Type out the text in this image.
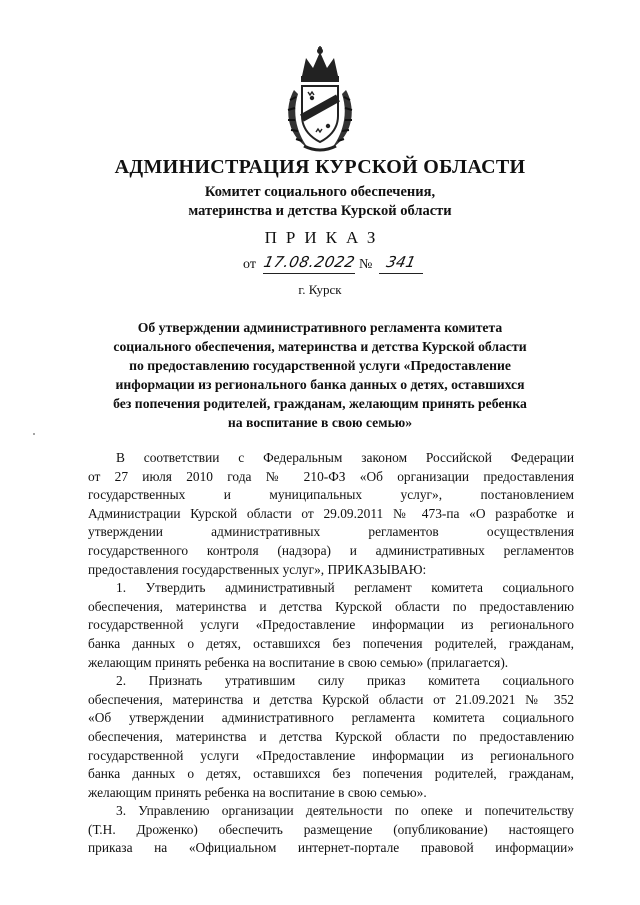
АДМИНИСТРАЦИЯ КУРСКОЙ ОБЛАСТИ
Комитет социального обеспечения,
материнства и детства Курской области
ПРИКАЗ
от 17.08.2022 № 341
г. Курск
Об утверждении административного регламента комитета
социального обеспечения, материнства и детства Курской области
по предоставлению государственной услуги «Предоставление
информации из регионального банка данных о детях, оставшихся
без попечения родителей, гражданам, желающим принять ребенка
на воспитание в свою семью»
В соответствии с Федеральным законом Российской Федерации
от 27 июля 2010 года № 210-ФЗ «Об организации предоставления
государственных и муниципальных услуг», постановлением
Администрации Курской области от 29.09.2011 № 473-па «О разработке и
утверждении административных регламентов осуществления
государственного контроля (надзора) и административных регламентов
предоставления государственных услуг», ПРИКАЗЫВАЮ:
1. Утвердить административный регламент комитета социального
обеспечения, материнства и детства Курской области по предоставлению
государственной услуги «Предоставление информации из регионального
банка данных о детях, оставшихся без попечения родителей, гражданам,
желающим принять ребенка на воспитание в свою семью» (прилагается).
2. Признать утратившим силу приказ комитета социального
обеспечения, материнства и детства Курской области от 21.09.2021 № 352
«Об утверждении административного регламента комитета социального
обеспечения, материнства и детства Курской области по предоставлению
государственной услуги «Предоставление информации из регионального
банка данных о детях, оставшихся без попечения родителей, гражданам,
желающим принять ребенка на воспитание в свою семью».
3. Управлению организации деятельности по опеке и попечительству
(Т.Н. Дроженко) обеспечить размещение (опубликование) настоящего
приказа на «Официальном интернет-портале правовой информации»
